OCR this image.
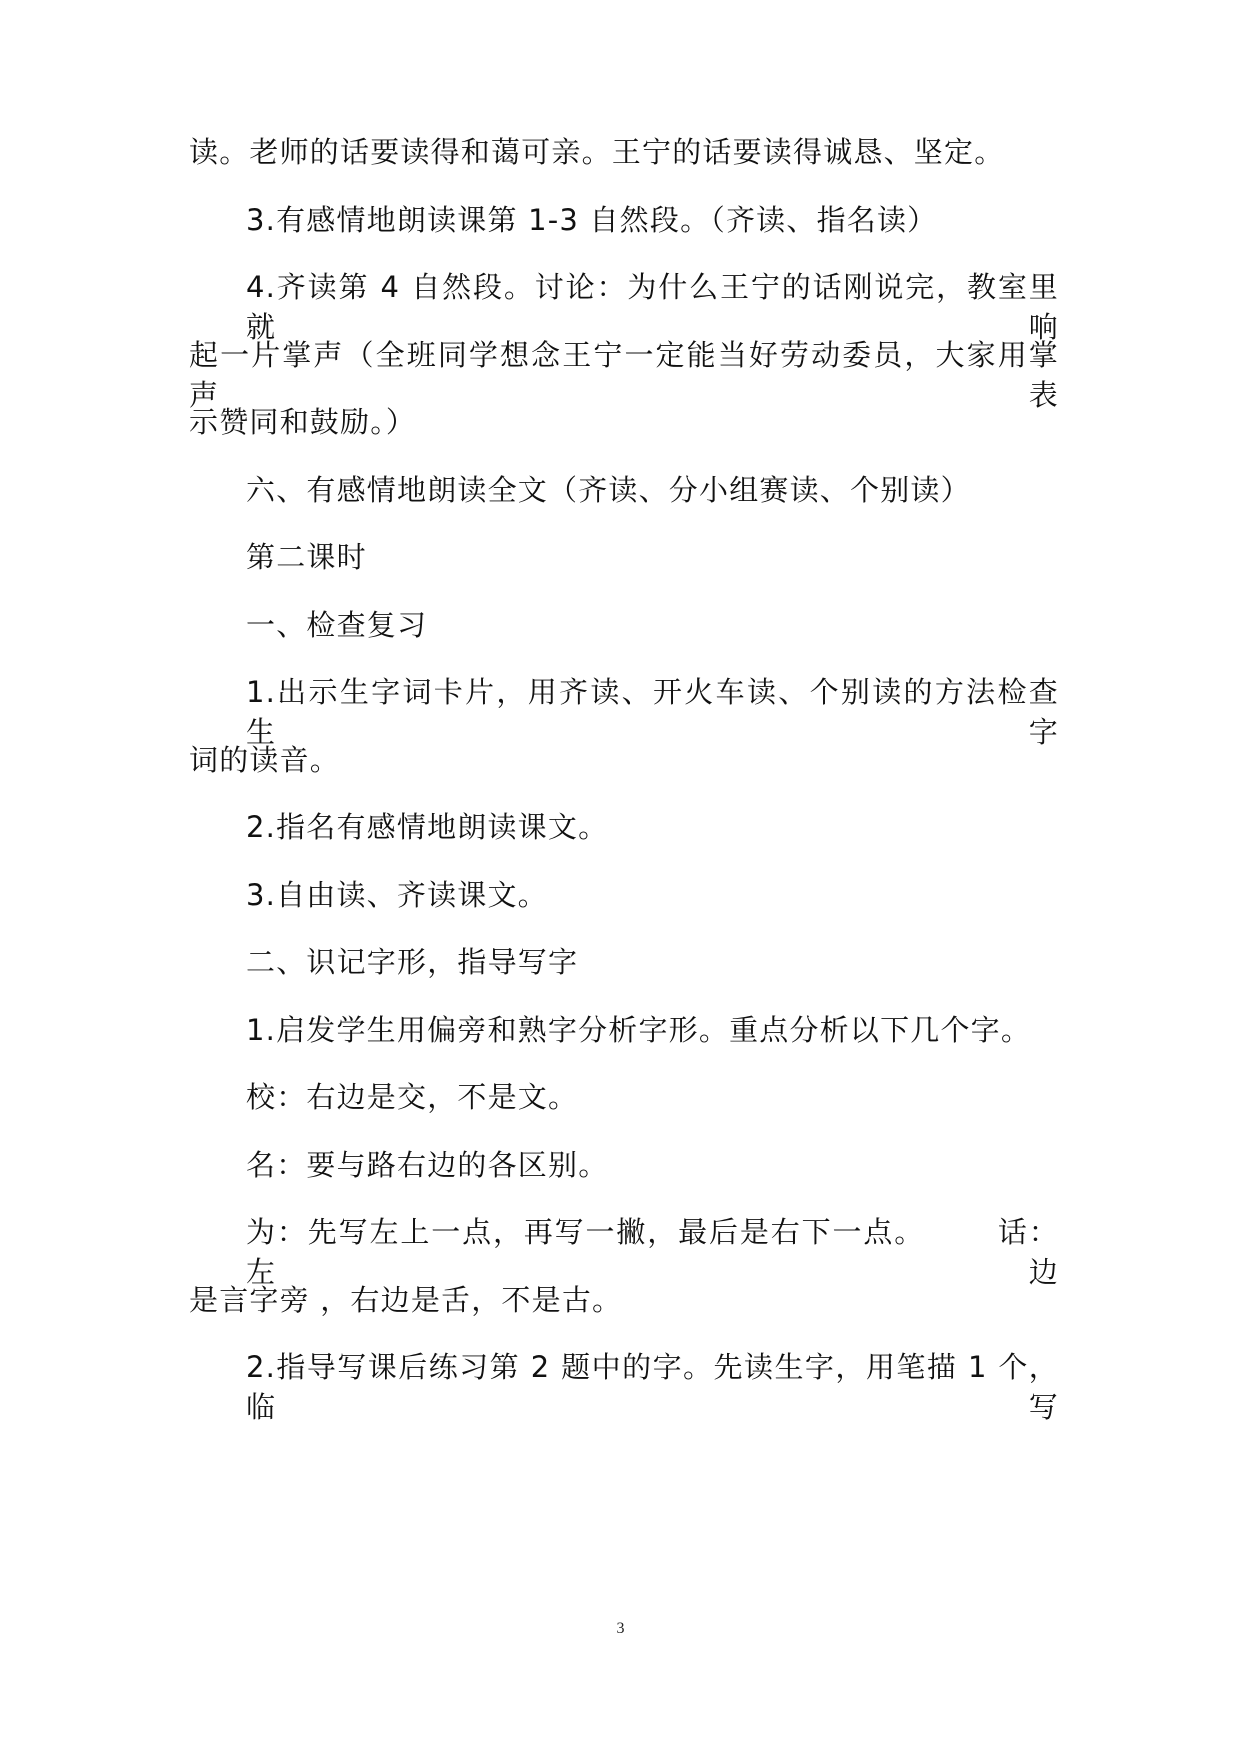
读。老师的话要读得和蔼可亲。王宁的话要读得诚恳、坚定。
3.有感情地朗读课第 1-3 自然段。（齐读、指名读）
4.齐读第 4 自然段。讨论：为什么王宁的话刚说完，教室里就响
起一片掌声（全班同学想念王宁一定能当好劳动委员，大家用掌声表
示赞同和鼓励。）
六、有感情地朗读全文（齐读、分小组赛读、个别读）
第二课时
一、检查复习
1.出示生字词卡片，用齐读、开火车读、个别读的方法检查生字
词的读音。
2.指名有感情地朗读课文。
3.自由读、齐读课文。
二、识记字形，指导写字
1.启发学生用偏旁和熟字分析字形。重点分析以下几个字。
校：右边是交，不是文。
名：要与路右边的各区别。
为：先写左上一点，再写一撇，最后是右下一点。 　　话：左边
是言字旁 ，右边是舌，不是古。
2.指导写课后练习第 2 题中的字。先读生字，用笔描 1 个，临写
3
